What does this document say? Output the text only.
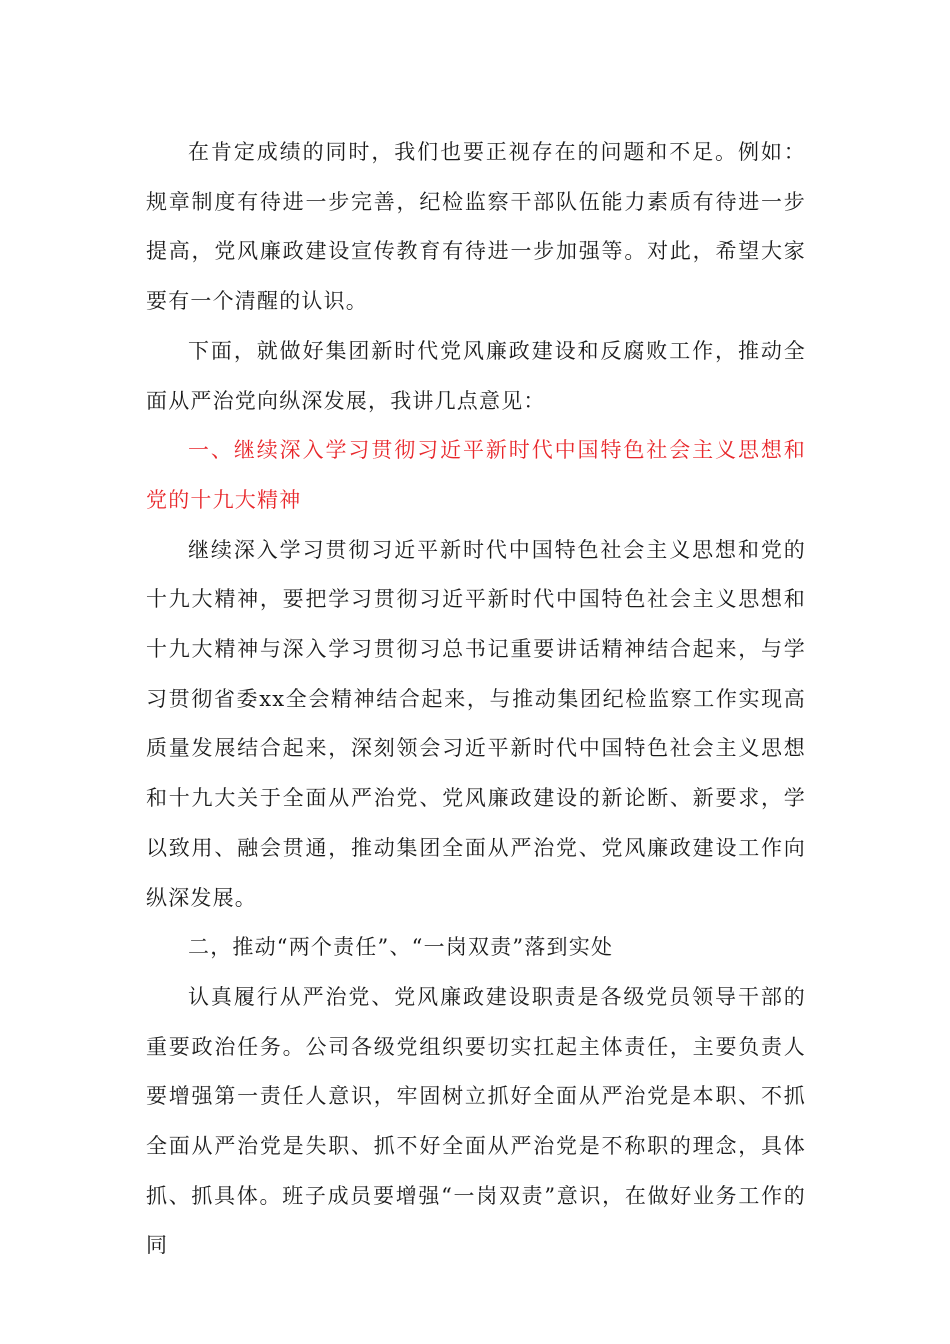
在肯定成绩的同时，我们也要正视存在的问题和不足。例如：规章制度有待进一步完善，纪检监察干部队伍能力素质有待进一步提高，党风廉政建设宣传教育有待进一步加强等。对此，希望大家要有一个清醒的认识。

下面，就做好集团新时代党风廉政建设和反腐败工作，推动全面从严治党向纵深发展，我讲几点意见：

一、继续深入学习贯彻习近平新时代中国特色社会主义思想和党的十九大精神

继续深入学习贯彻习近平新时代中国特色社会主义思想和党的十九大精神，要把学习贯彻习近平新时代中国特色社会主义思想和十九大精神与深入学习贯彻习总书记重要讲话精神结合起来，与学习贯彻省委xx全会精神结合起来，与推动集团纪检监察工作实现高质量发展结合起来，深刻领会习近平新时代中国特色社会主义思想和十九大关于全面从严治党、党风廉政建设的新论断、新要求，学以致用、融会贯通，推动集团全面从严治党、党风廉政建设工作向纵深发展。

二，推动“两个责任”、“一岗双责”落到实处

认真履行从严治党、党风廉政建设职责是各级党员领导干部的重要政治任务。公司各级党组织要切实扛起主体责任，主要负责人要增强第一责任人意识，牢固树立抓好全面从严治党是本职、不抓全面从严治党是失职、抓不好全面从严治党是不称职的理念，具体抓、抓具体。班子成员要增强“一岗双责”意识，在做好业务工作的同
